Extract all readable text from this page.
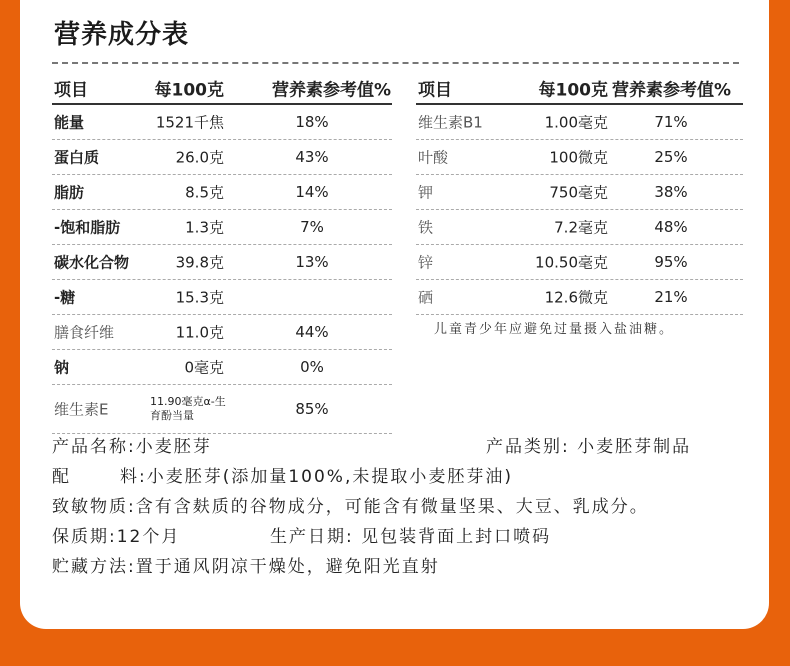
营养成分表
项目	每100克	营养素参考值%
能量	1521千焦	18%
蛋白质	26.0克	43%
脂肪	8.5克	14%
-饱和脂肪	1.3克	7%
碳水化合物	39.8克	13%
-糖	15.3克
膳食纤维	11.0克	44%
钠	0毫克	0%
维生素E	11.90毫克α-生育酚当量	85%
项目	每100克 营养素参考值%
维生素B1	1.00毫克	71%
叶酸	100微克	25%
钾	750毫克	38%
铁	7.2毫克	48%
锌	10.50毫克	95%
硒	12.6微克	21%
儿童青少年应避免过量摄入盐油糖。
产品名称:小麦胚芽	产品类别: 小麦胚芽制品
配	料:小麦胚芽(添加量100%,未提取小麦胚芽油)
致敏物质:含有含麸质的谷物成分，可能含有微量坚果、大豆、乳成分。
保质期:12个月	生产日期: 见包装背面上封口喷码
贮藏方法:置于通风阴凉干燥处，避免阳光直射
